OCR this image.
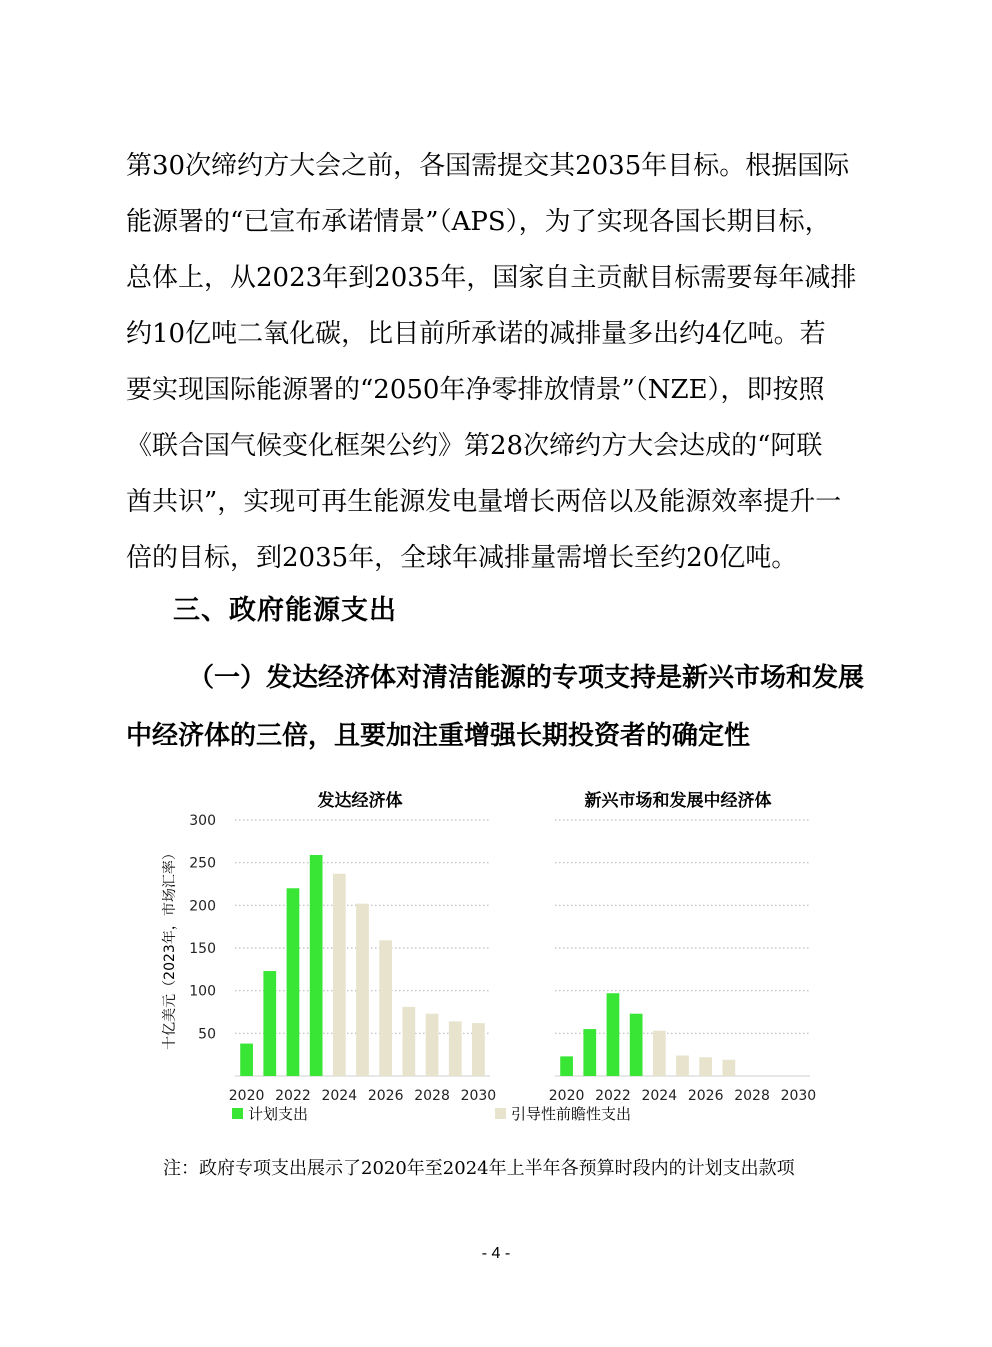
第30次缔约方大会之前，各国需提交其2035年目标。根据国际
能源署的“已宣布承诺情景”（APS），为了实现各国长期目标，
总体上，从2023年到2035年，国家自主贡献目标需要每年减排
约10亿吨二氧化碳，比目前所承诺的减排量多出约4亿吨。若
要实现国际能源署的“2050年净零排放情景”（NZE），即按照
《联合国气候变化框架公约》第28次缔约方大会达成的“阿联
酋共识”，实现可再生能源发电量增长两倍以及能源效率提升一
倍的目标，到2035年，全球年减排量需增长至约20亿吨。
三、政府能源支出
（一）发达经济体对清洁能源的专项支持是新兴市场和发展
中经济体的三倍，且要加注重增强长期投资者的确定性
十亿美元（2023年，市场汇率） 50
100
150
200
250
300
发达经济体
2020 2022 2024 2026 2028 2030
新兴市场和发展中经济体
2020 2022 2024 2026 2028 2030
计划支出	引导性前瞻性支出
注：政府专项支出展示了2020年至2024年上半年各预算时段内的计划支出款项
- 4 -
